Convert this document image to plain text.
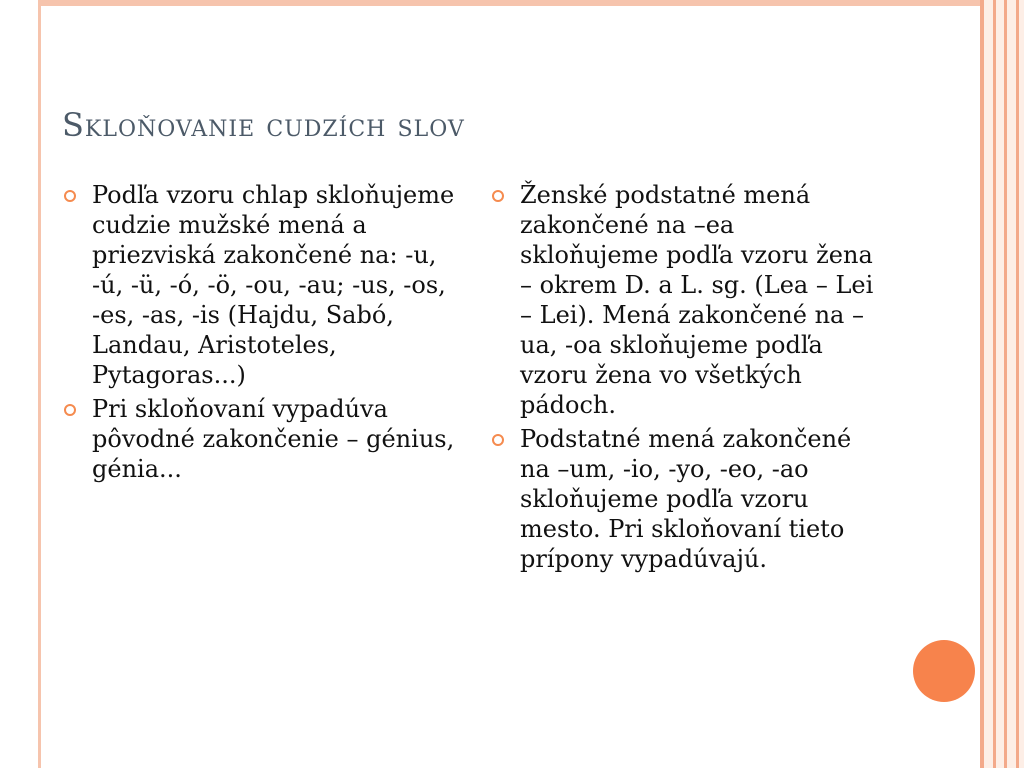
Skloňovanie cudzích slov
Podľa vzoru chlap skloňujeme cudzie mužské mená a priezviská zakončené na: -u, -ú, -ü, -ó, -ö, -ou, -au; -us, -os, -es, -as, -is (Hajdu, Sabó, Landau, Aristoteles, Pytagoras...)
Pri skloňovaní vypadúva pôvodné zakončenie – génius, génia...
Ženské podstatné mená zakončené na –ea skloňujeme podľa vzoru žena – okrem D. a L. sg. (Lea – Lei – Lei). Mená zakončené na –ua, -oa skloňujeme podľa vzoru žena vo všetkých pádoch.
Podstatné mená zakončené na –um, -io, -yo, -eo, -ao skloňujeme podľa vzoru mesto. Pri skloňovaní tieto prípony vypadúvajú.
